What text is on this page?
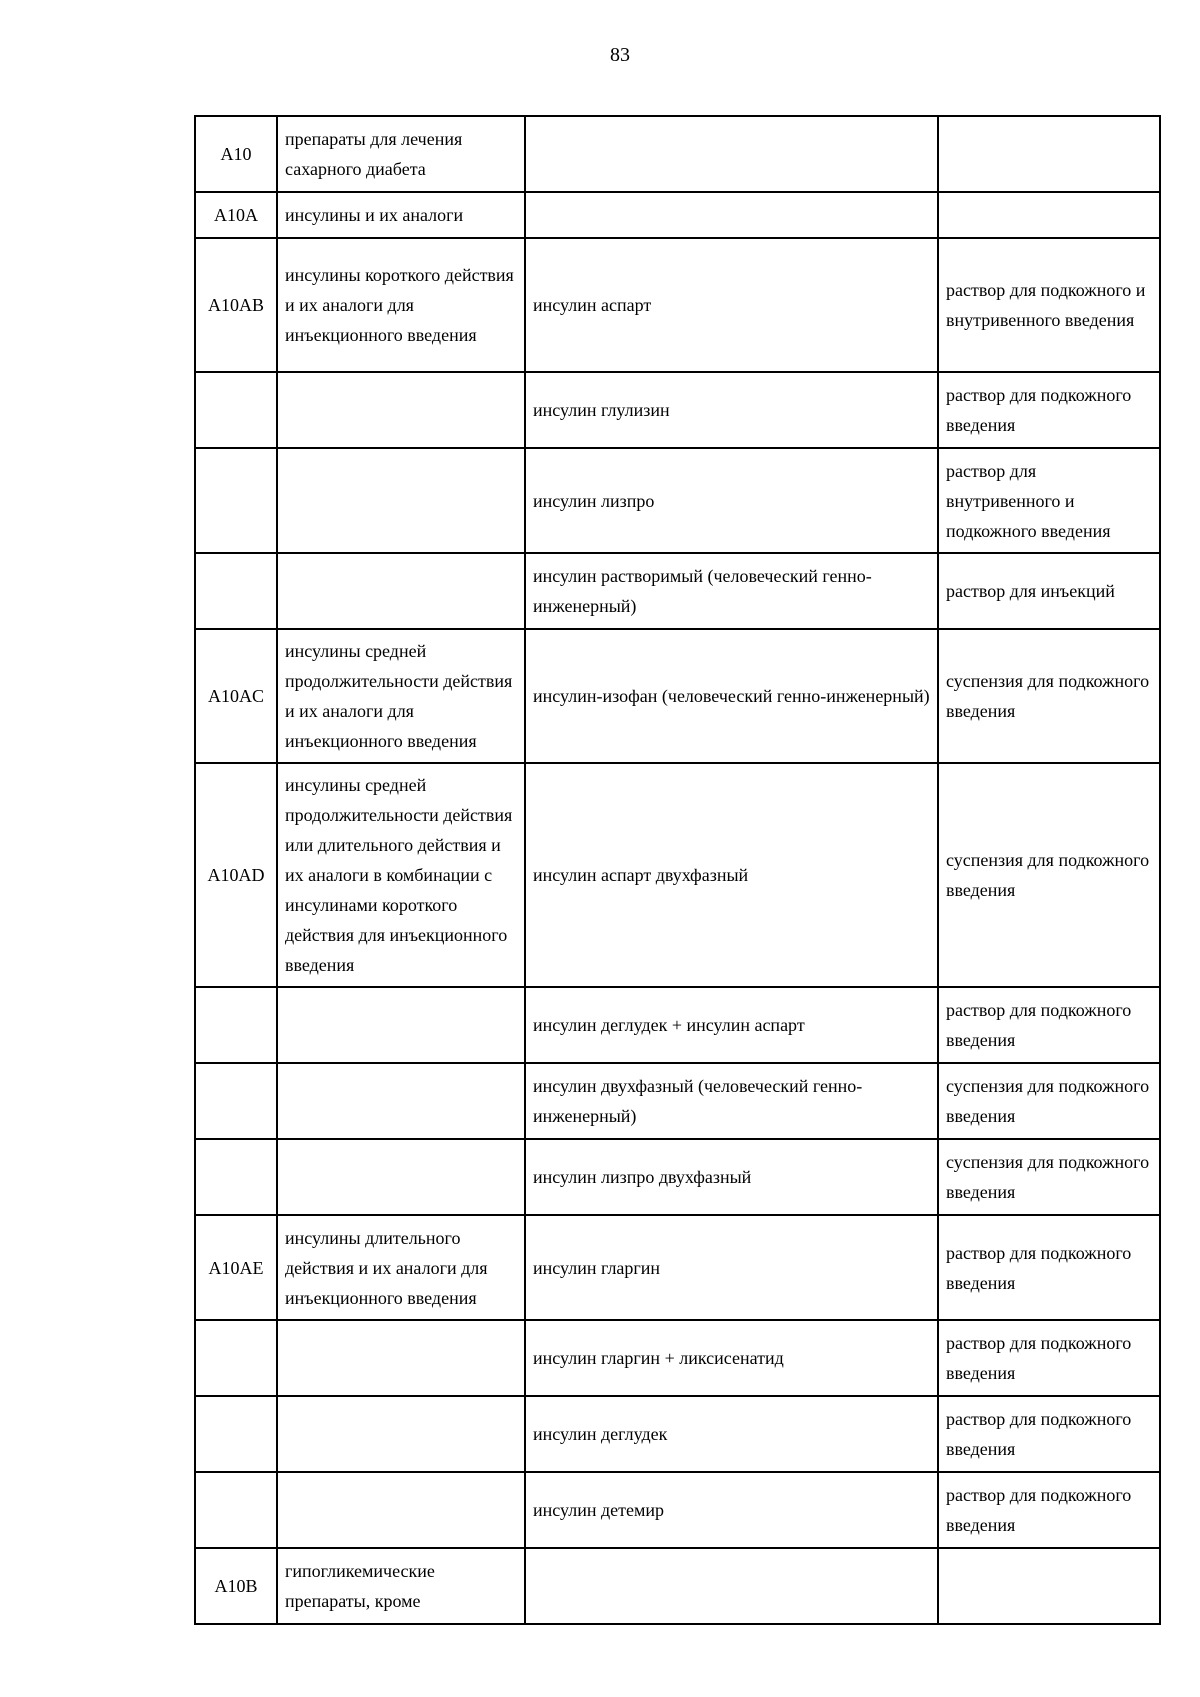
83
A10	препараты для лечения сахарного диабета		
A10A	инсулины и их аналоги		
A10AB	инсулины короткого действия и их аналоги для инъекционного введения	инсулин аспарт	раствор для подкожного и внутривенного введения
		инсулин глулизин	раствор для подкожного введения
		инсулин лизпро	раствор для внутривенного и подкожного введения
		инсулин растворимый (человеческий генно-инженерный)	раствор для инъекций
A10AC	инсулины средней продолжительности действия и их аналоги для инъекционного введения	инсулин-изофан (человеческий генно-инженерный)	суспензия для подкожного введения
A10AD	инсулины средней продолжительности действия или длительного действия и их аналоги в комбинации с инсулинами короткого действия для инъекционного введения	инсулин аспарт двухфазный	суспензия для подкожного введения
		инсулин деглудек + инсулин аспарт	раствор для подкожного введения
		инсулин двухфазный (человеческий генно-инженерный)	суспензия для подкожного введения
		инсулин лизпро двухфазный	суспензия для подкожного введения
A10AE	инсулины длительного действия и их аналоги для инъекционного введения	инсулин гларгин	раствор для подкожного введения
		инсулин гларгин + ликсисенатид	раствор для подкожного введения
		инсулин деглудек	раствор для подкожного введения
		инсулин детемир	раствор для подкожного введения
A10B	гипогликемические препараты, кроме		
